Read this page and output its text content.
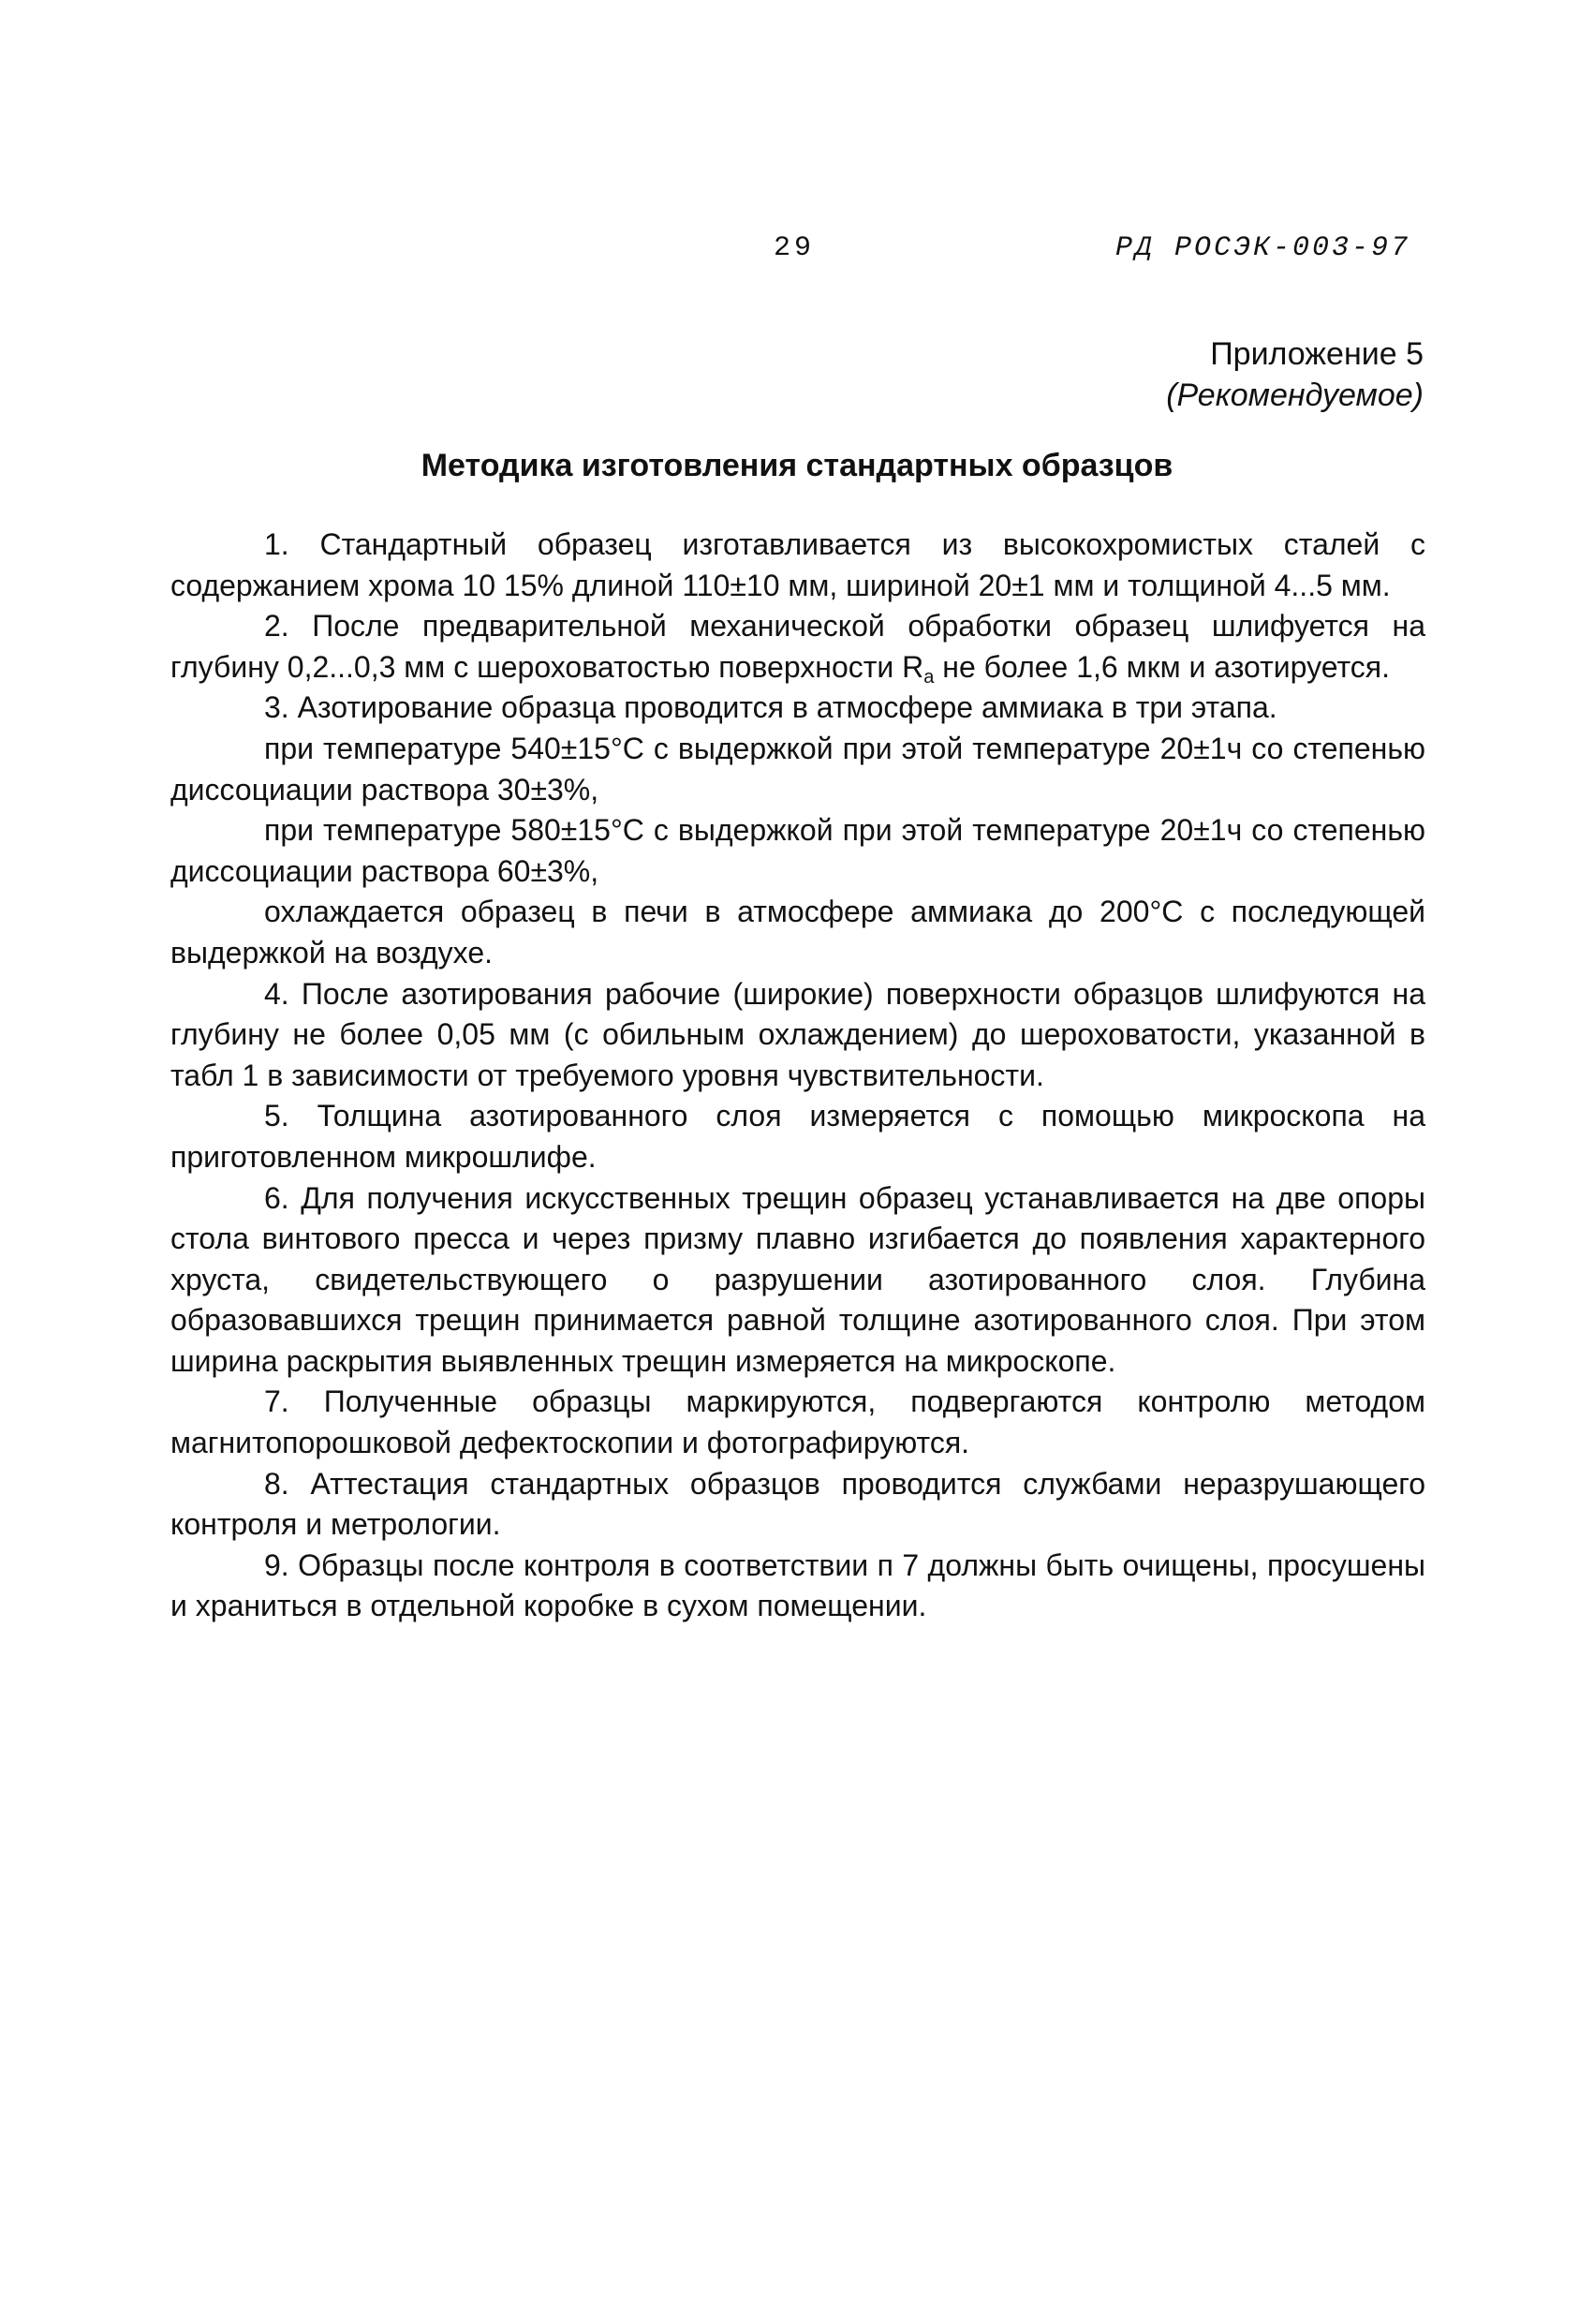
29	РД РОСЭК-003-97
Приложение 5
(Рекомендуемое)
Методика изготовления стандартных образцов

1. Стандартный образец изготавливается из высокохромистых сталей с содержанием хрома 10 15% длиной 110±10 мм, шириной 20±1 мм и толщиной 4...5 мм.

2. После предварительной механической обработки образец шлифуется на глубину 0,2...0,3 мм с шероховатостью поверхности $R_a$ не более 1,6 мкм и азотируется.

3. Азотирование образца проводится в атмосфере аммиака в три этапа.

при температуре 540±15°С с выдержкой при этой температуре 20±1ч со степенью диссоциации раствора 30±3%,

при температуре 580±15°С с выдержкой при этой температуре 20±1ч со степенью диссоциации раствора 60±3%,

охлаждается образец в печи в атмосфере аммиака до 200°С с последующей выдержкой на воздухе.

4. После азотирования рабочие (широкие) поверхности образцов шлифуются на глубину не более 0,05 мм (с обильным охлаждением) до шероховатости, указанной в табл 1 в зависимости от требуемого уровня чувствительности.

5. Толщина азотированного слоя измеряется с помощью микроскопа на приготовленном микрошлифе.

6. Для получения искусственных трещин образец устанавливается на две опоры стола винтового пресса и через призму плавно изгибается до появления характерного хруста, свидетельствующего о разрушении азотированного слоя. Глубина образовавшихся трещин принимается равной толщине азотированного слоя. При этом ширина раскрытия выявленных трещин измеряется на микроскопе.

7. Полученные образцы маркируются, подвергаются контролю методом магнитопорошковой дефектоскопии и фотографируются.

8. Аттестация стандартных образцов проводится службами неразрушающего контроля и метрологии.

9. Образцы после контроля в соответствии п 7 должны быть очищены, просушены и храниться в отдельной коробке в сухом помещении.
